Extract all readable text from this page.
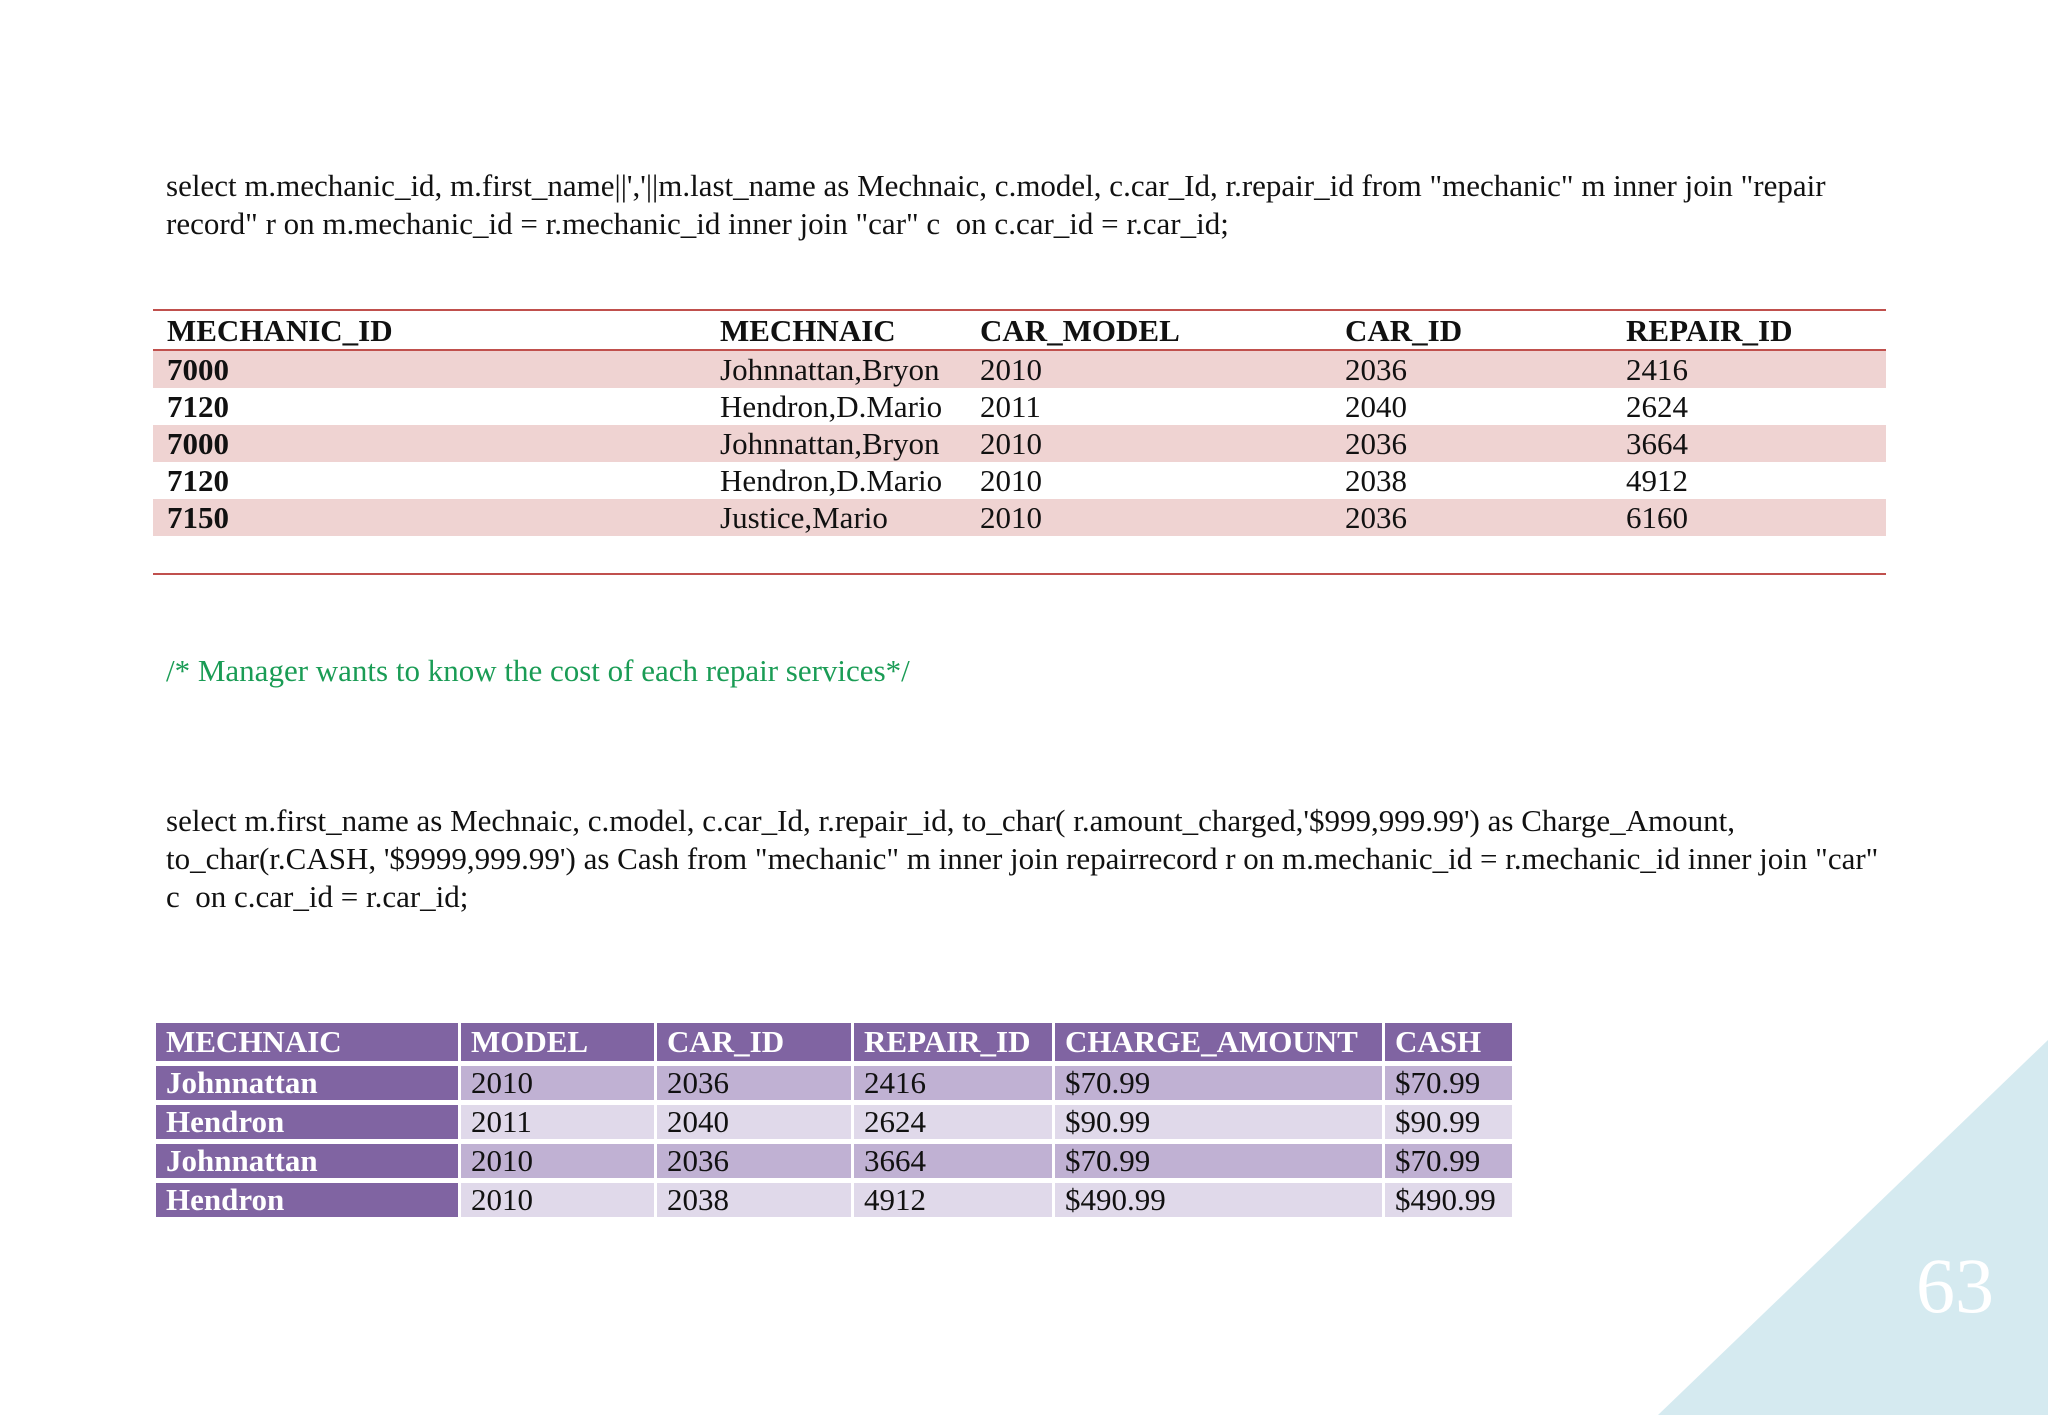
63
select m.mechanic_id, m.first_name||','||m.last_name as Mechnaic, c.model, c.car_Id, r.repair_id from "mechanic" m inner join "repair record" r on m.mechanic_id = r.mechanic_id inner join "car" c  on c.car_id = r.car_id;
MECHANIC_ID	MECHNAIC	CAR_MODEL	CAR_ID	REPAIR_ID
7000	Johnnattan,Bryon	2010	2036	2416
7120	Hendron,D.Mario	2011	2040	2624
7000	Johnnattan,Bryon	2010	2036	3664
7120	Hendron,D.Mario	2010	2038	4912
7150	Justice,Mario	2010	2036	6160
/* Manager wants to know the cost of each repair services*/
select m.first_name as Mechnaic, c.model, c.car_Id, r.repair_id, to_char( r.amount_charged,'$999,999.99') as Charge_Amount, to_char(r.CASH, '$9999,999.99') as Cash from "mechanic" m inner join repairrecord r on m.mechanic_id = r.mechanic_id inner join "car" c  on c.car_id = r.car_id;
MECHNAIC	MODEL	CAR_ID	REPAIR_ID	CHARGE_AMOUNT	CASH
Johnnattan	2010	2036	2416	$70.99	$70.99
Hendron	2011	2040	2624	$90.99	$90.99
Johnnattan	2010	2036	3664	$70.99	$70.99
Hendron	2010	2038	4912	$490.99	$490.99
